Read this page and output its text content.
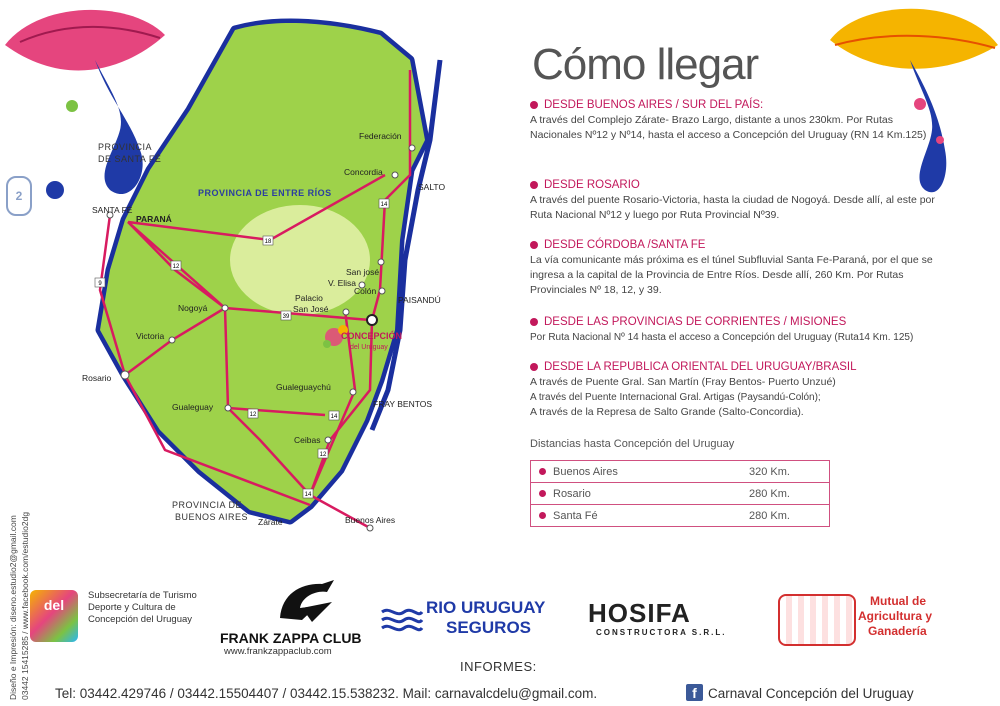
PROVINCIA
DE SANTA FÉ
PROVINCIA DE ENTRE RÍOS
PROVINCIA DE
BUENOS AIRES
Federación
Concordia
SALTO
SANTA FÉ
PARANÁ
San josé
V. Elisa
Colón
PAISANDÚ
Palacio
San José
Nogoyá
Victoria
Rosario
Gualeguaychú
FRAY BENTOS
Gualeguay
Ceibas
Zárate	Buenos Aires
9
12
18
39
12
12
14
14
14
CONCEPCIÓN
del Uruguay
Diseño e Impresión: diseno.estudio2@gmail.com 03442 15415285 / www.facebook.com/estudio2dg
2
Cómo llegar
DESDE BUENOS AIRES / SUR DEL PAÍS:
A través del Complejo Zárate- Brazo Largo, distante a unos 230km. Por Rutas Nacionales Nº12 y Nº14, hasta el acceso a Concepción del Uruguay (RN 14 Km.125)
DESDE ROSARIO
A través del puente Rosario-Victoria, hasta la ciudad de Nogoyá. Desde allí, al este por Ruta Nacional Nº12 y luego por Ruta Provincial Nº39.
DESDE CÓRDOBA /SANTA FE
La vía comunicante más próxima es el túnel Subfluvial Santa Fe-Paraná, por el que se ingresa a la capital de la Provincia de Entre Ríos. Desde allí, 260 Km. Por Rutas Provinciales Nº 18, 12, y 39.
DESDE LAS PROVINCIAS DE CORRIENTES / MISIONES
Por Ruta Nacional Nº 14 hasta el acceso a Concepción del Uruguay (Ruta14 Km. 125)
DESDE LA REPUBLICA ORIENTAL DEL URUGUAY/BRASIL
A través de Puente Gral. San Martín (Fray Bentos- Puerto Unzué)
A través del Puente Internacional Gral. Artigas (Paysandú-Colón);
A través de la Represa de Salto Grande (Salto-Concordia).
Distancias hasta Concepción del Uruguay
Buenos Aires	320 Km.
Rosario	280 Km.
Santa Fé	280 Km.
del
Subsecretaría de Turismo
Deporte y Cultura de
Concepción del Uruguay
FRANK ZAPPA CLUB
www.frankzappaclub.com
RIO URUGUAY
SEGUROS HOSIFA
CONSTRUCTORA S.R.L.
Mutual de
Agricultura y
Ganadería
INFORMES:
Tel: 03442.429746 / 03442.15504407 / 03442.15.538232. Mail: carnavalcdelu@gmail.com.	f Carnaval Concepción del Uruguay
